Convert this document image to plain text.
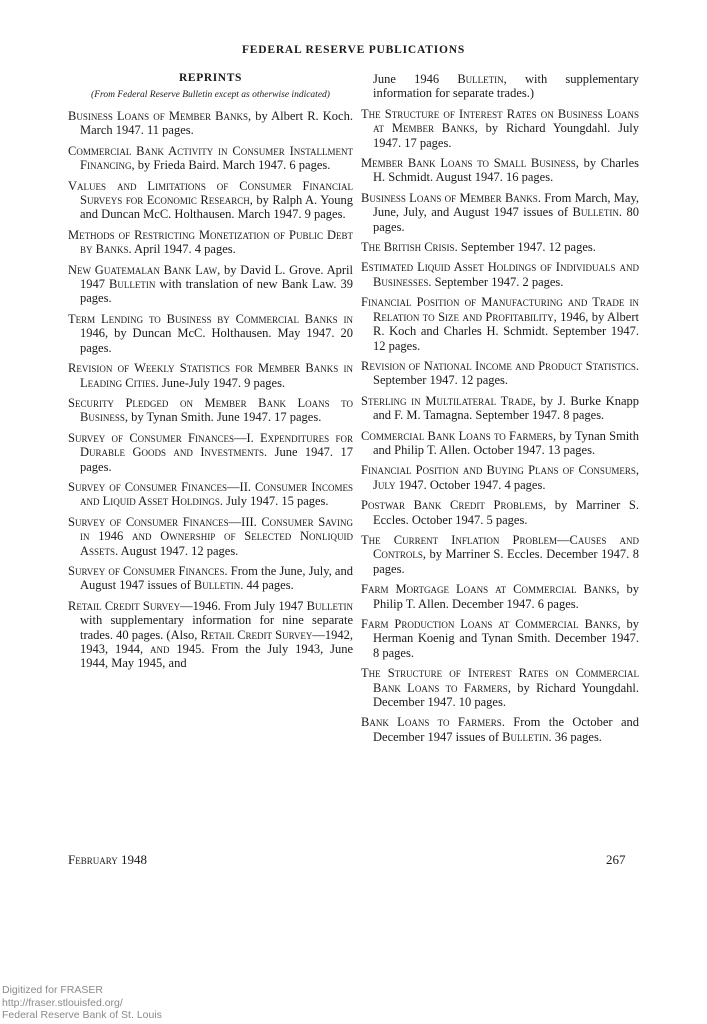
FEDERAL RESERVE PUBLICATIONS
REPRINTS
(From Federal Reserve Bulletin except as otherwise indicated)
Business Loans of Member Banks, by Albert R. Koch. March 1947. 11 pages.
Commercial Bank Activity in Consumer Installment Financing, by Frieda Baird. March 1947. 6 pages.
Values and Limitations of Consumer Financial Surveys for Economic Research, by Ralph A. Young and Duncan McC. Holthausen. March 1947. 9 pages.
Methods of Restricting Monetization of Public Debt by Banks. April 1947. 4 pages.
New Guatemalan Bank Law, by David L. Grove. April 1947 Bulletin with translation of new Bank Law. 39 pages.
Term Lending to Business by Commercial Banks in 1946, by Duncan McC. Holthausen. May 1947. 20 pages.
Revision of Weekly Statistics for Member Banks in Leading Cities. June-July 1947. 9 pages.
Security Pledged on Member Bank Loans to Business, by Tynan Smith. June 1947. 17 pages.
Survey of Consumer Finances—I. Expenditures for Durable Goods and Investments. June 1947. 17 pages.
Survey of Consumer Finances—II. Consumer Incomes and Liquid Asset Holdings. July 1947. 15 pages.
Survey of Consumer Finances—III. Consumer Saving in 1946 and Ownership of Selected Nonliquid Assets. August 1947. 12 pages.
Survey of Consumer Finances. From the June, July, and August 1947 issues of Bulletin. 44 pages.
Retail Credit Survey—1946. From July 1947 Bulletin with supplementary information for nine separate trades. 40 pages. (Also, Retail Credit Survey—1942, 1943, 1944, and 1945. From the July 1943, June 1944, May 1945, and
June 1946 Bulletin, with supplementary information for separate trades.)
The Structure of Interest Rates on Business Loans at Member Banks, by Richard Youngdahl. July 1947. 17 pages.
Member Bank Loans to Small Business, by Charles H. Schmidt. August 1947. 16 pages.
Business Loans of Member Banks. From March, May, June, July, and August 1947 issues of Bulletin. 80 pages.
The British Crisis. September 1947. 12 pages.
Estimated Liquid Asset Holdings of Individuals and Businesses. September 1947. 2 pages.
Financial Position of Manufacturing and Trade in Relation to Size and Profitability, 1946, by Albert R. Koch and Charles H. Schmidt. September 1947. 12 pages.
Revision of National Income and Product Statistics. September 1947. 12 pages.
Sterling in Multilateral Trade, by J. Burke Knapp and F. M. Tamagna. September 1947. 8 pages.
Commercial Bank Loans to Farmers, by Tynan Smith and Philip T. Allen. October 1947. 13 pages.
Financial Position and Buying Plans of Consumers, July 1947. October 1947. 4 pages.
Postwar Bank Credit Problems, by Marriner S. Eccles. October 1947. 5 pages.
The Current Inflation Problem—Causes and Controls, by Marriner S. Eccles. December 1947. 8 pages.
Farm Mortgage Loans at Commercial Banks, by Philip T. Allen. December 1947. 6 pages.
Farm Production Loans at Commercial Banks, by Herman Koenig and Tynan Smith. December 1947. 8 pages.
The Structure of Interest Rates on Commercial Bank Loans to Farmers, by Richard Youngdahl. December 1947. 10 pages.
Bank Loans to Farmers. From the October and December 1947 issues of Bulletin. 36 pages.
February 1948	267
Digitized for FRASER
http://fraser.stlouisfed.org/
Federal Reserve Bank of St. Louis
